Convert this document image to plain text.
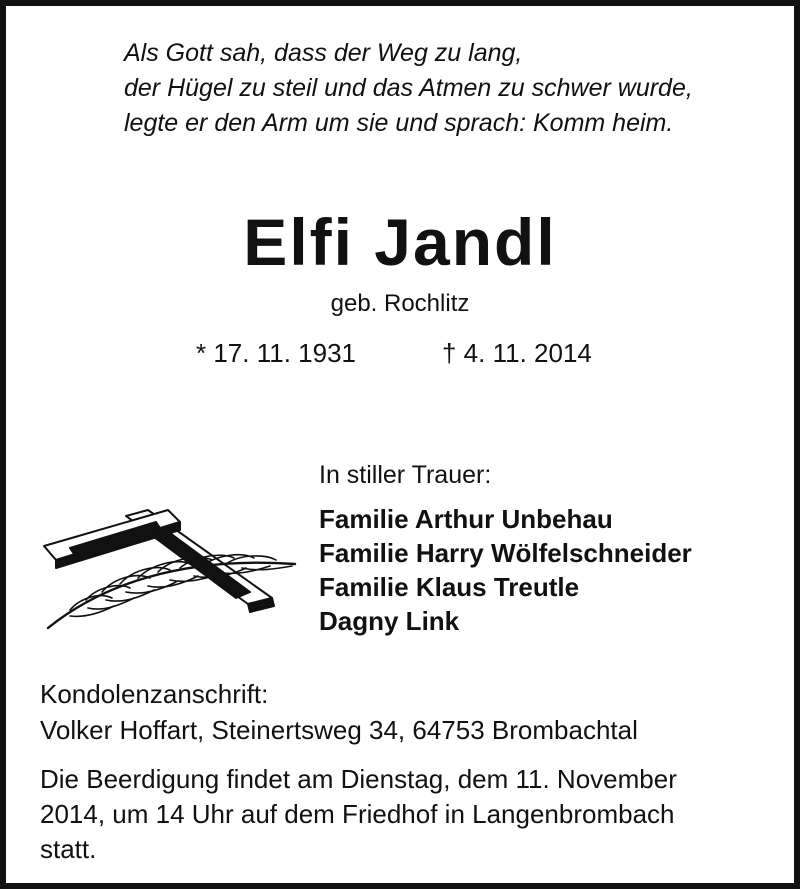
Als Gott sah, dass der Weg zu lang,
der Hügel zu steil und das Atmen zu schwer wurde,
legte er den Arm um sie und sprach: Komm heim.
Elfi Jandl
geb. Rochlitz
* 17. 11. 1931	† 4. 11. 2014
In stiller Trauer:
Familie Arthur Unbehau
Familie Harry Wölfelschneider
Familie Klaus Treutle
Dagny Link
Kondolenzanschrift:
Volker Hoffart, Steinertsweg 34, 64753 Brombachtal
Die Beerdigung findet am Dienstag, dem 11. November
2014, um 14 Uhr auf dem Friedhof in Langenbrombach
statt.
